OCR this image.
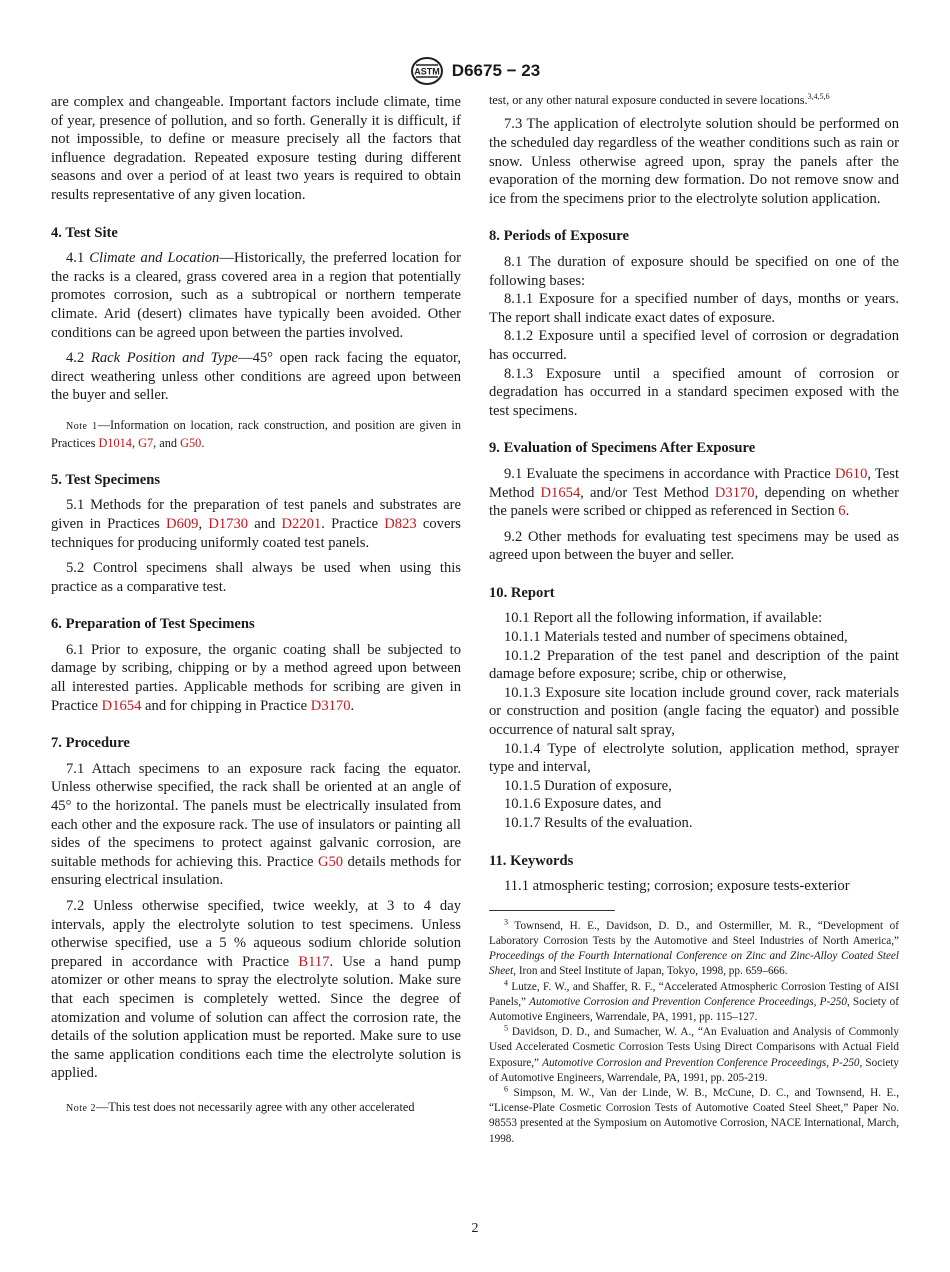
ASTM D6675 − 23

are complex and changeable. Important factors include climate, time of year, presence of pollution, and so forth. Generally it is difficult, if not impossible, to define or measure precisely all the factors that influence degradation. Repeated exposure testing during different seasons and over a period of at least two years is required to obtain results representative of any given location.

4. Test Site

4.1 Climate and Location—Historically, the preferred location for the racks is a cleared, grass covered area in a region that potentially promotes corrosion, such as a subtropical or northern temperate climate. Arid (desert) climates have typically been avoided. Other conditions can be agreed upon between the parties involved.

4.2 Rack Position and Type—45° open rack facing the equator, direct weathering unless other conditions are agreed upon between the buyer and seller.

Note 1—Information on location, rack construction, and position are given in Practices D1014, G7, and G50.

5. Test Specimens

5.1 Methods for the preparation of test panels and substrates are given in Practices D609, D1730 and D2201. Practice D823 covers techniques for producing uniformly coated test panels.

5.2 Control specimens shall always be used when using this practice as a comparative test.

6. Preparation of Test Specimens

6.1 Prior to exposure, the organic coating shall be subjected to damage by scribing, chipping or by a method agreed upon between all interested parties. Applicable methods for scribing are given in Practice D1654 and for chipping in Practice D3170.

7. Procedure

7.1 Attach specimens to an exposure rack facing the equator. Unless otherwise specified, the rack shall be oriented at an angle of 45° to the horizontal. The panels must be electrically insulated from each other and the exposure rack. The use of insulators or painting all sides of the specimens to protect against galvanic corrosion, are suitable methods for achieving this. Practice G50 details methods for ensuring electrical insulation.

7.2 Unless otherwise specified, twice weekly, at 3 to 4 day intervals, apply the electrolyte solution to test specimens. Unless otherwise specified, use a 5 % aqueous sodium chloride solution prepared in accordance with Practice B117. Use a hand pump atomizer or other means to spray the electrolyte solution. Make sure that each specimen is completely wetted. Since the degree of atomization and volume of solution can affect the corrosion rate, the details of the solution application must be reported. Make sure to use the same application conditions each time the electrolyte solution is applied.

Note 2—This test does not necessarily agree with any other accelerated

test, or any other natural exposure conducted in severe locations.$^{3,4,5,6}$

7.3 The application of electrolyte solution should be performed on the scheduled day regardless of the weather conditions such as rain or snow. Unless otherwise agreed upon, spray the panels after the evaporation of the morning dew formation. Do not remove snow and ice from the specimens prior to the electrolyte solution application.

8. Periods of Exposure

8.1 The duration of exposure should be specified on one of the following bases:

8.1.1 Exposure for a specified number of days, months or years. The report shall indicate exact dates of exposure.

8.1.2 Exposure until a specified level of corrosion or degradation has occurred.

8.1.3 Exposure until a specified amount of corrosion or degradation has occurred in a standard specimen exposed with the test specimens.

9. Evaluation of Specimens After Exposure

9.1 Evaluate the specimens in accordance with Practice D610, Test Method D1654, and/or Test Method D3170, depending on whether the panels were scribed or chipped as referenced in Section 6.

9.2 Other methods for evaluating test specimens may be used as agreed upon between the buyer and seller.

10. Report

10.1 Report all the following information, if available:

10.1.1 Materials tested and number of specimens obtained,

10.1.2 Preparation of the test panel and description of the paint damage before exposure; scribe, chip or otherwise,

10.1.3 Exposure site location include ground cover, rack materials or construction and position (angle facing the equator) and possible occurrence of natural salt spray,

10.1.4 Type of electrolyte solution, application method, sprayer type and interval,

10.1.5 Duration of exposure,

10.1.6 Exposure dates, and

10.1.7 Results of the evaluation.

11. Keywords

11.1 atmospheric testing; corrosion; exposure tests-exterior

$^3$ Townsend, H. E., Davidson, D. D., and Ostermiller, M. R., “Development of Laboratory Corrosion Tests by the Automotive and Steel Industries of North America,” Proceedings of the Fourth International Conference on Zinc and Zinc-Alloy Coated Steel Sheet, Iron and Steel Institute of Japan, Tokyo, 1998, pp. 659–666.

$^4$ Lutze, F. W., and Shaffer, R. F., “Accelerated Atmospheric Corrosion Testing of AISI Panels,” Automotive Corrosion and Prevention Conference Proceedings, P-250, Society of Automotive Engineers, Warrendale, PA, 1991, pp. 115–127.

$^5$ Davidson, D. D., and Sumacher, W. A., “An Evaluation and Analysis of Commonly Used Accelerated Cosmetic Corrosion Tests Using Direct Comparisons with Actual Field Exposure,” Automotive Corrosion and Prevention Conference Proceedings, P-250, Society of Automotive Engineers, Warrendale, PA, 1991, pp. 205-219.

$^6$ Simpson, M. W., Van der Linde, W. B., McCune, D. C., and Townsend, H. E., “License-Plate Cosmetic Corrosion Tests of Automotive Coated Steel Sheet,” Paper No. 98553 presented at the Symposium on Automotive Corrosion, NACE International, March, 1998.

2
